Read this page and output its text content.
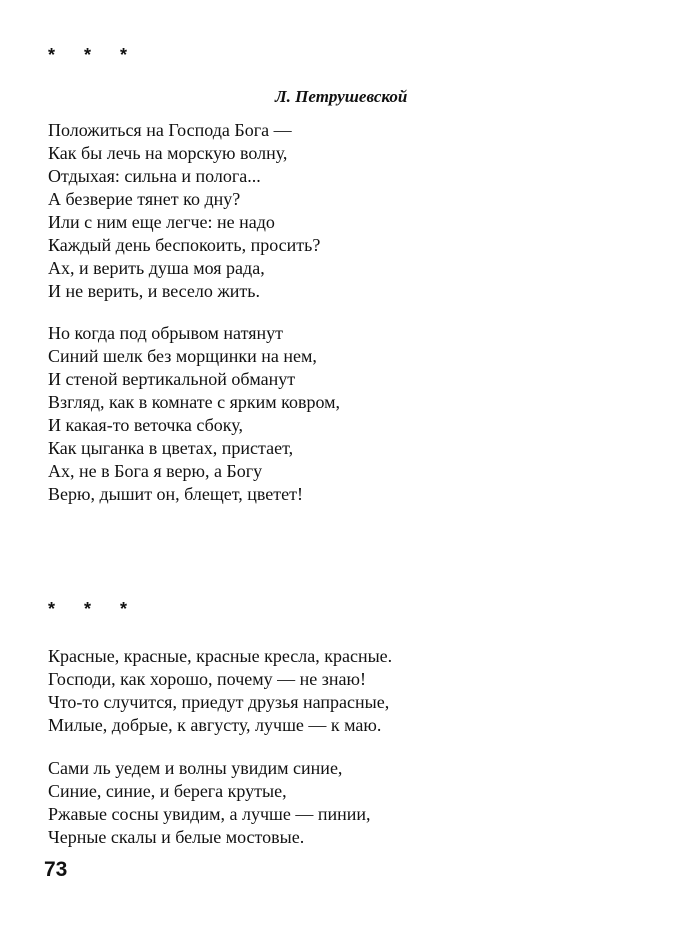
* * *
Л. Петрушевской
Положиться на Господа Бога —
Как бы лечь на морскую волну,
Отдыхая: сильна и полога...
А безверие тянет ко дну?
Или с ним еще легче: не надо
Каждый день беспокоить, просить?
Ах, и верить душа моя рада,
И не верить, и весело жить.
Но когда под обрывом натянут
Синий шелк без морщинки на нем,
И стеной вертикальной обманут
Взгляд, как в комнате с ярким ковром,
И какая-то веточка сбоку,
Как цыганка в цветах, пристает,
Ах, не в Бога я верю, а Богу
Верю, дышит он, блещет, цветет!
* * *
Красные, красные, красные кресла, красные.
Господи, как хорошо, почему — не знаю!
Что-то случится, приедут друзья напрасные,
Милые, добрые, к августу, лучше — к маю.
Сами ль уедем и волны увидим синие,
Синие, синие, и берега крутые,
Ржавые сосны увидим, а лучше — пинии,
Черные скалы и белые мостовые.
73
